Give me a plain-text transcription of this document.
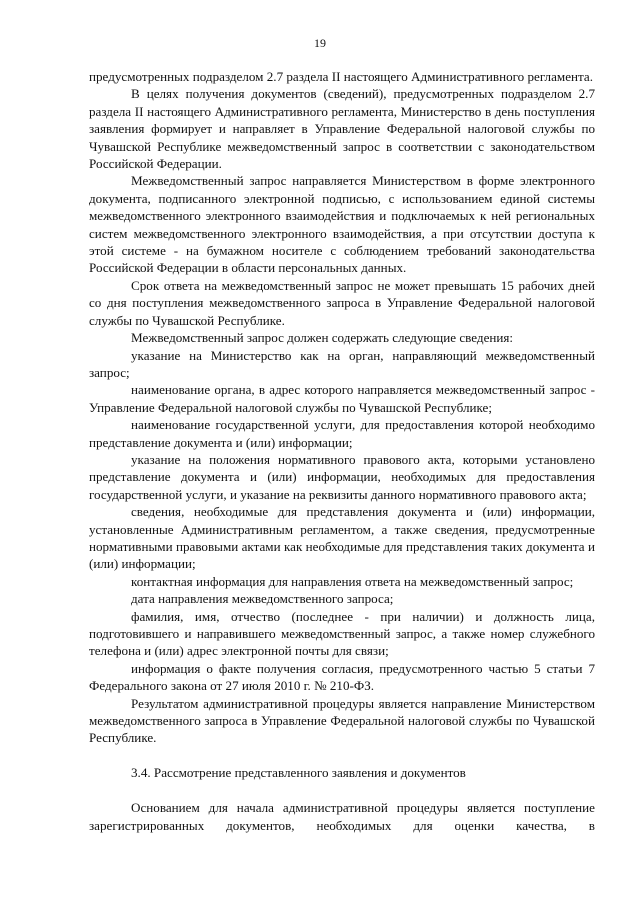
19

предусмотренных подразделом 2.7 раздела II настоящего Административного регламента.

В целях получения документов (сведений), предусмотренных подразделом 2.7 раздела II настоящего Административного регламента, Министерство в день поступления заявления формирует и направляет в Управление Федеральной налоговой службы по Чувашской Республике межведомственный запрос в соответствии с законодательством Российской Федерации.

Межведомственный запрос направляется Министерством в форме электронного документа, подписанного электронной подписью, с использованием единой системы межведомственного электронного взаимодействия и подключаемых к ней региональных систем межведомственного электронного взаимодействия, а при отсутствии доступа к этой системе - на бумажном носителе с соблюдением требований законодательства Российской Федерации в области персональных данных.

Срок ответа на межведомственный запрос не может превышать 15 рабочих дней со дня поступления межведомственного запроса в Управление Федеральной налоговой службы по Чувашской Республике.

Межведомственный запрос должен содержать следующие сведения:

указание на Министерство как на орган, направляющий межведомственный запрос;

наименование органа, в адрес которого направляется межведомственный запрос - Управление Федеральной налоговой службы по Чувашской Республике;

наименование государственной услуги, для предоставления которой необходимо представление документа и (или) информации;

указание на положения нормативного правового акта, которыми установлено представление документа и (или) информации, необходимых для предоставления государственной услуги, и указание на реквизиты данного нормативного правового акта;

сведения, необходимые для представления документа и (или) информации, установленные Административным регламентом, а также сведения, предусмотренные нормативными правовыми актами как необходимые для представления таких документа и (или) информации;

контактная информация для направления ответа на межведомственный запрос;

дата направления межведомственного запроса;

фамилия, имя, отчество (последнее - при наличии) и должность лица, подготовившего и направившего межведомственный запрос, а также номер служебного телефона и (или) адрес электронной почты для связи;

информация о факте получения согласия, предусмотренного частью 5 статьи 7 Федерального закона от 27 июля 2010 г. № 210-ФЗ.

Результатом административной процедуры является направление Министерством межведомственного запроса в Управление Федеральной налоговой службы по Чувашской Республике.

3.4. Рассмотрение представленного заявления и документов

Основанием для начала административной процедуры является поступление зарегистрированных документов, необходимых для оценки качества, в
